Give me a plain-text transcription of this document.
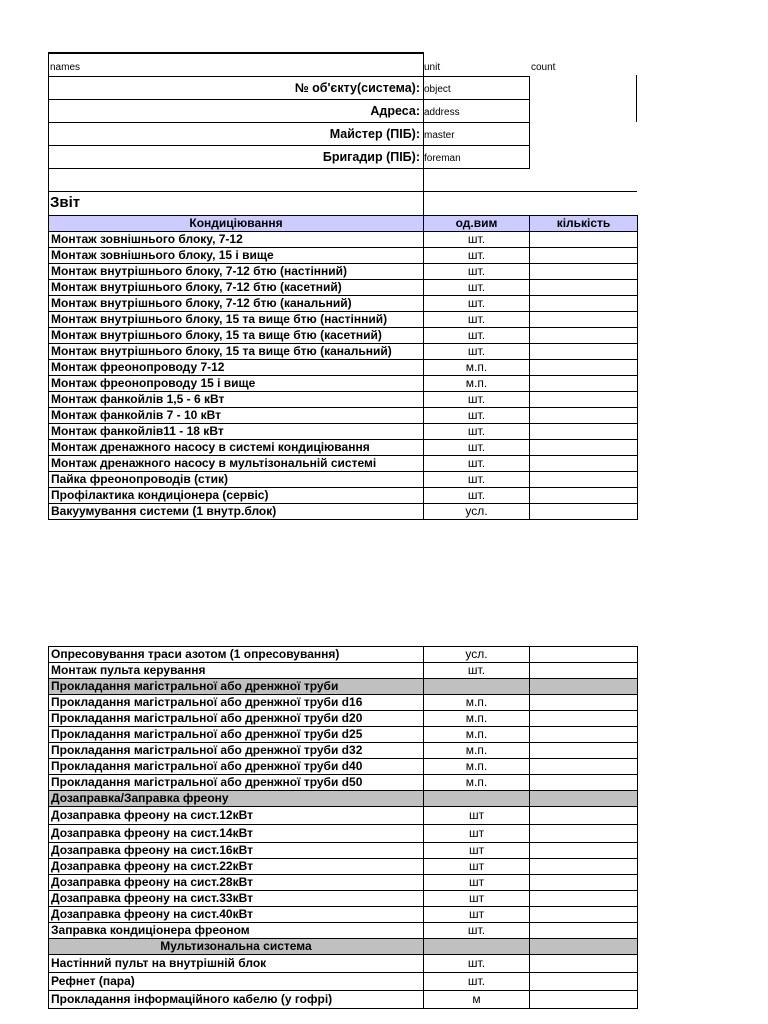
names	unit	count
№ об'єкту(система): object
Адреса: address
Майстер (ПІБ): master
Бригадир (ПІБ): foreman
Звіт
Кондиціювання	од.вим	кількість
Монтаж зовнішнього блоку, 7-12	шт.	
Монтаж зовнішнього блоку, 15 і вище	шт.	
Монтаж внутрішнього блоку, 7-12 бтю (настінний)	шт.	
Монтаж внутрішнього блоку, 7-12 бтю (касетний)	шт.	
Монтаж внутрішнього блоку, 7-12 бтю (канальний)	шт.	
Монтаж внутрішнього блоку, 15 та вище бтю (настінний)	шт.	
Монтаж внутрішнього блоку, 15 та вище бтю (касетний)	шт.	
Монтаж внутрішнього блоку, 15 та вище бтю (канальний)	шт.	
Монтаж фреонопроводу 7-12	м.п.	
Монтаж фреонопроводу 15 і вище	м.п.	
Монтаж фанкойлів 1,5 - 6 кВт	шт.	
Монтаж фанкойлів 7 - 10 кВт	шт.	
Монтаж фанкойлів11 - 18 кВт	шт.	
Монтаж дренажного насосу в системі кондиціювання	шт.	
Монтаж дренажного насосу в мультізональній системі	шт.	
Пайка фреонопроводів (стик)	шт.	
Профілактика кондиціонера (сервіс)	шт.	
Вакуумування системи (1 внутр.блок)	усл.	
Опресовування траси азотом (1 опресовування)	усл.	
Монтаж пульта керування	шт.	
Прокладання магістральної або дренжної труби		
Прокладання магістральної або дренжної труби d16	м.п.	
Прокладання магістральної або дренжної труби d20	м.п.	
Прокладання магістральної або дренжної труби d25	м.п.	
Прокладання магістральної або дренжної труби d32	м.п.	
Прокладання магістральної або дренжної труби d40	м.п.	
Прокладання магістральної або дренжної труби d50	м.п.	
Дозаправка/Заправка фреону		
Дозаправка фреону на сист.12кВт	шт	
Дозаправка фреону на сист.14кВт	шт	
Дозаправка фреону на сист.16кВт	шт	
Дозаправка фреону на сист.22кВт	шт	
Дозаправка фреону на сист.28кВт	шт	
Дозаправка фреону на сист.33кВт	шт	
Дозаправка фреону на сист.40кВт	шт	
Заправка кондиціонера фреоном	шт.	
Мультизональна система		
Настінний пульт на внутрішній блок	шт.	
Рефнет (пара)	шт.	
Прокладання інформаційного кабелю (у гофрі)	м	
